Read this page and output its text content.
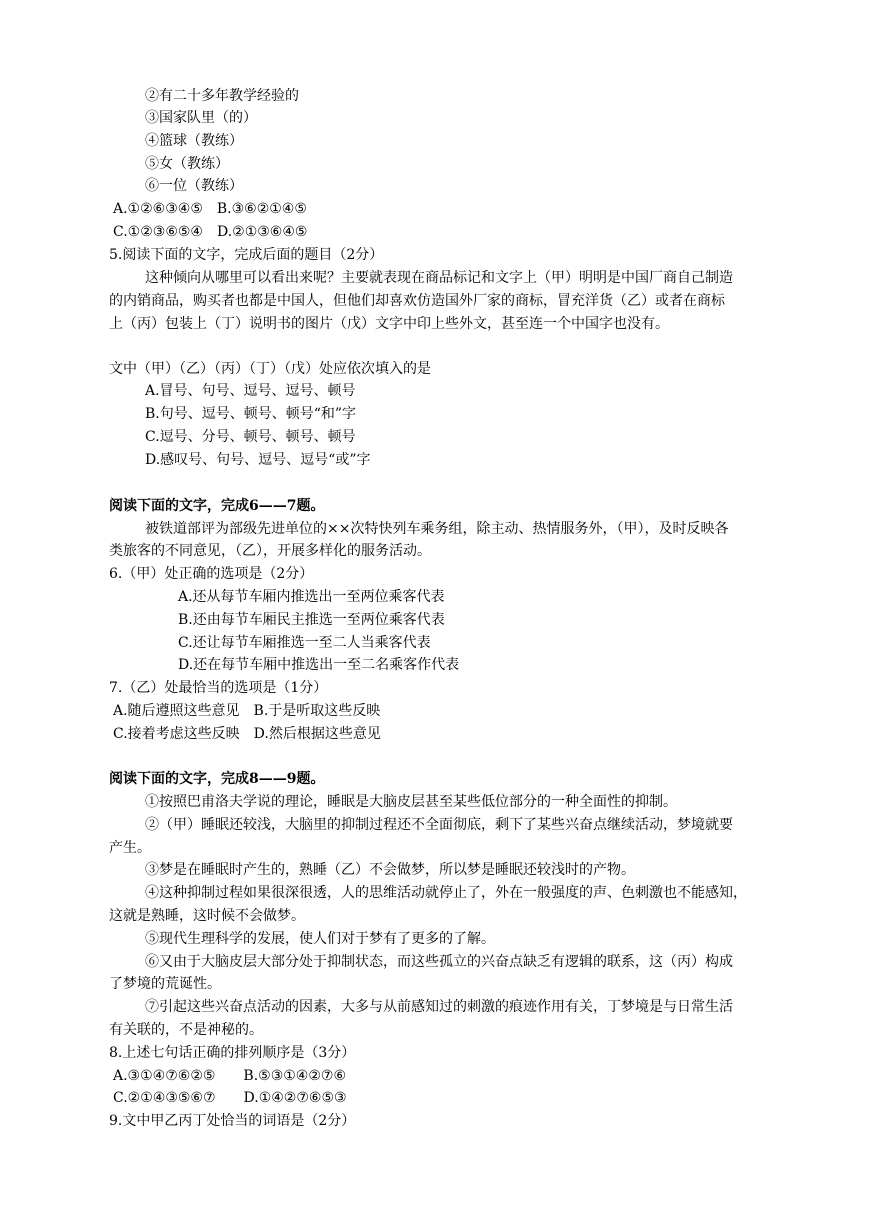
②有二十多年教学经验的
③国家队里（的）
④篮球（教练）
⑤女（教练）
⑥一位（教练）
A.①②⑥③④⑤　B.③⑥②①④⑤
C.①②③⑥⑤④　D.②①③⑥④⑤
5.阅读下面的文字，完成后面的题目（2分）
这种倾向从哪里可以看出来呢？主要就表现在商品标记和文字上（甲）明明是中国厂商自己制造
的内销商品，购买者也都是中国人，但他们却喜欢仿造国外厂家的商标，冒充洋货（乙）或者在商标
上（丙）包装上（丁）说明书的图片（戊）文字中印上些外文，甚至连一个中国字也没有。
文中（甲）（乙）（丙）（丁）（戊）处应依次填入的是
A.冒号、句号、逗号、逗号、顿号
B.句号、逗号、顿号、顿号“和”字
C.逗号、分号、顿号、顿号、顿号
D.感叹号、句号、逗号、逗号“或”字
阅读下面的文字，完成6——7题。
被铁道部评为部级先进单位的××次特快列车乘务组，除主动、热情服务外，（甲），及时反映各
类旅客的不同意见，（乙），开展多样化的服务活动。
6.（甲）处正确的选项是（2分）
A.还从每节车厢内推选出一至两位乘客代表
B.还由每节车厢民主推选一至两位乘客代表
C.还让每节车厢推选一至二人当乘客代表
D.还在每节车厢中推选出一至二名乘客作代表
7.（乙）处最恰当的选项是（1分）
A.随后遵照这些意见　B.于是听取这些反映
C.接着考虑这些反映　D.然后根据这些意见
阅读下面的文字，完成8——9题。
①按照巴甫洛夫学说的理论，睡眠是大脑皮层甚至某些低位部分的一种全面性的抑制。
②（甲）睡眠还较浅，大脑里的抑制过程还不全面彻底，剩下了某些兴奋点继续活动，梦境就要
产生。
③梦是在睡眠时产生的，熟睡（乙）不会做梦，所以梦是睡眠还较浅时的产物。
④这种抑制过程如果很深很透，人的思维活动就停止了，外在一般强度的声、色刺激也不能感知，
这就是熟睡，这时候不会做梦。
⑤现代生理科学的发展，使人们对于梦有了更多的了解。
⑥又由于大脑皮层大部分处于抑制状态，而这些孤立的兴奋点缺乏有逻辑的联系，这（丙）构成
了梦境的荒诞性。
⑦引起这些兴奋点活动的因素，大多与从前感知过的刺激的痕迹作用有关，丁梦境是与日常生活
有关联的，不是神秘的。
8.上述七句话正确的排列顺序是（3分）
A.③①④⑦⑥②⑤　　B.⑤③①④②⑦⑥
C.②①④③⑤⑥⑦　　D.①④②⑦⑥⑤③
9.文中甲乙丙丁处恰当的词语是（2分）
